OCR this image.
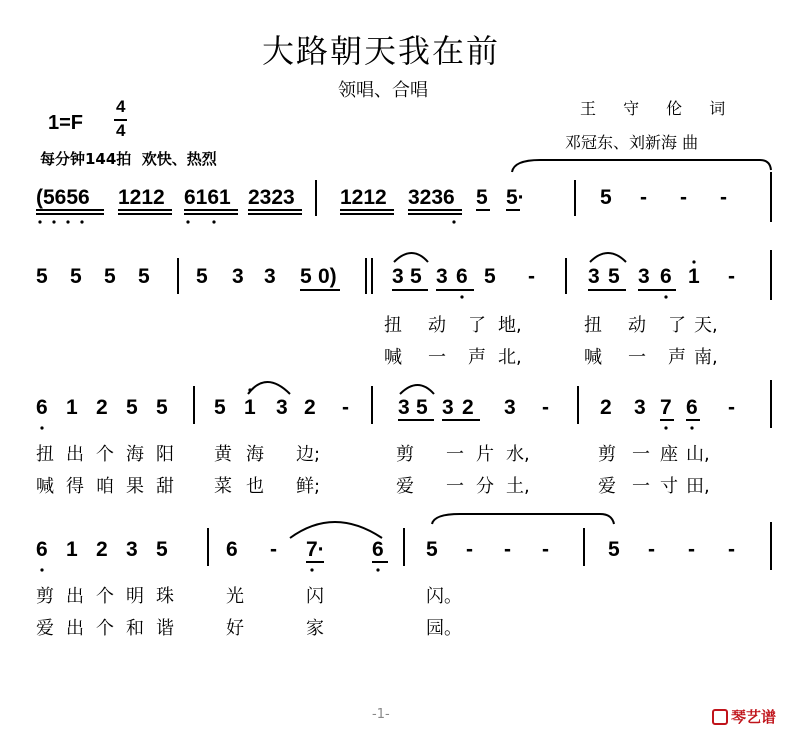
大路朝天我在前
领唱、合唱
王 守 伦 词
邓冠东、刘新海 曲
1=F
4
4
每分钟144拍  欢快、热烈
(5656 1212 6161 2323 1212 3236 5 5·	5 - - -
5 5 5 5 5 3 3 5 0)	3 5 3 6 5 -	3 5 3 6 1 -
扭 动 了 地,	扭 动 了 天,
喊 一 声 北,	喊 一 声 南,
6 1 2 5 5 5 1 3 2 - 3 5 3 2 3 - 2 3 7 6 -
扭 出 个 海 阳 黄 海 边;	剪 一 片 水,	剪 一 座 山,
喊 得 咱 果 甜 菜 也 鲜;	爱 一 分 土,	爱 一 寸 田,
6 1 2 3 5	6 - 7· 6 5 - - -	5 - - -
剪 出 个 明 珠	光	闪	闪。
爱 出 个 和 谐	好	家	园。
-1-	琴艺谱
